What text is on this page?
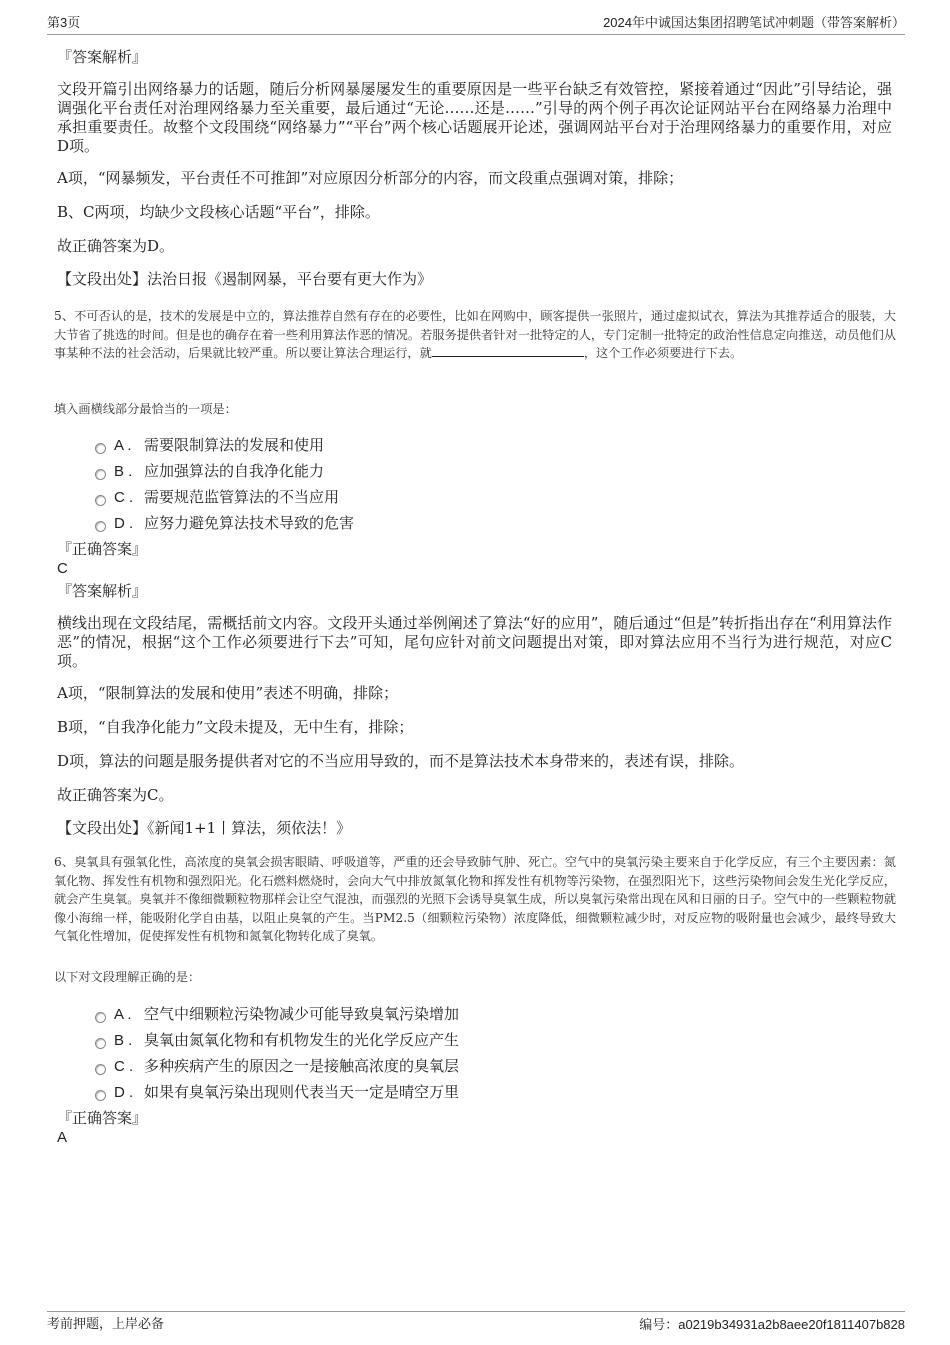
第3页	2024年中诚国达集团招聘笔试冲刺题（带答案解析）
『答案解析』
文段开篇引出网络暴力的话题，随后分析网暴屡屡发生的重要原因是一些平台缺乏有效管控，紧接着通过“因此”引导结论，强调强化平台责任对治理网络暴力至关重要，最后通过“无论……还是……”引导的两个例子再次论证网站平台在网络暴力治理中承担重要责任。故整个文段围绕“网络暴力”“平台”两个核心话题展开论述，强调网站平台对于治理网络暴力的重要作用，对应D项。
A项，“网暴频发，平台责任不可推卸”对应原因分析部分的内容，而文段重点强调对策，排除；
B、C两项，均缺少文段核心话题“平台”，排除。
故正确答案为D。
【文段出处】法治日报《遏制网暴，平台要有更大作为》
5、不可否认的是，技术的发展是中立的，算法推荐自然有存在的必要性，比如在网购中，顾客提供一张照片，通过虚拟试衣，算法为其推荐适合的服装，大大节省了挑选的时间。但是也的确存在着一些利用算法作恶的情况。若服务提供者针对一批特定的人，专门定制一批特定的政治性信息定向推送，动员他们从事某种不法的社会活动，后果就比较严重。所以要让算法合理运行，就	，这个工作必须要进行下去。
填入画横线部分最恰当的一项是：
A . 需要限制算法的发展和使用
B . 应加强算法的自我净化能力
C . 需要规范监管算法的不当应用
D . 应努力避免算法技术导致的危害
『正确答案』
C
『答案解析』
横线出现在文段结尾，需概括前文内容。文段开头通过举例阐述了算法“好的应用”，随后通过“但是”转折指出存在“利用算法作恶”的情况，根据“这个工作必须要进行下去”可知，尾句应针对前文问题提出对策，即对算法应用不当行为进行规范，对应C项。
A项，“限制算法的发展和使用”表述不明确，排除；
B项，“自我净化能力”文段未提及，无中生有，排除；
D项，算法的问题是服务提供者对它的不当应用导致的，而不是算法技术本身带来的，表述有误，排除。
故正确答案为C。
【文段出处】《新闻1+1丨算法，须依法！》
6、臭氧具有强氧化性，高浓度的臭氧会损害眼睛、呼吸道等，严重的还会导致肺气肿、死亡。空气中的臭氧污染主要来自于化学反应，有三个主要因素：氮氧化物、挥发性有机物和强烈阳光。化石燃料燃烧时，会向大气中排放氮氧化物和挥发性有机物等污染物，在强烈阳光下，这些污染物间会发生光化学反应，就会产生臭氧。臭氧并不像细微颗粒物那样会让空气混浊，而强烈的光照下会诱导臭氧生成，所以臭氧污染常出现在风和日丽的日子。空气中的一些颗粒物就像小海绵一样，能吸附化学自由基，以阻止臭氧的产生。当PM2.5（细颗粒污染物）浓度降低，细微颗粒减少时，对反应物的吸附量也会减少，最终导致大气氧化性增加，促使挥发性有机物和氮氧化物转化成了臭氧。
以下对文段理解正确的是：
A . 空气中细颗粒污染物减少可能导致臭氧污染增加
B . 臭氧由氮氧化物和有机物发生的光化学反应产生
C . 多种疾病产生的原因之一是接触高浓度的臭氧层
D . 如果有臭氧污染出现则代表当天一定是晴空万里
『正确答案』
A
考前押题，上岸必备	编号：a0219b34931a2b8aee20f1811407b828
